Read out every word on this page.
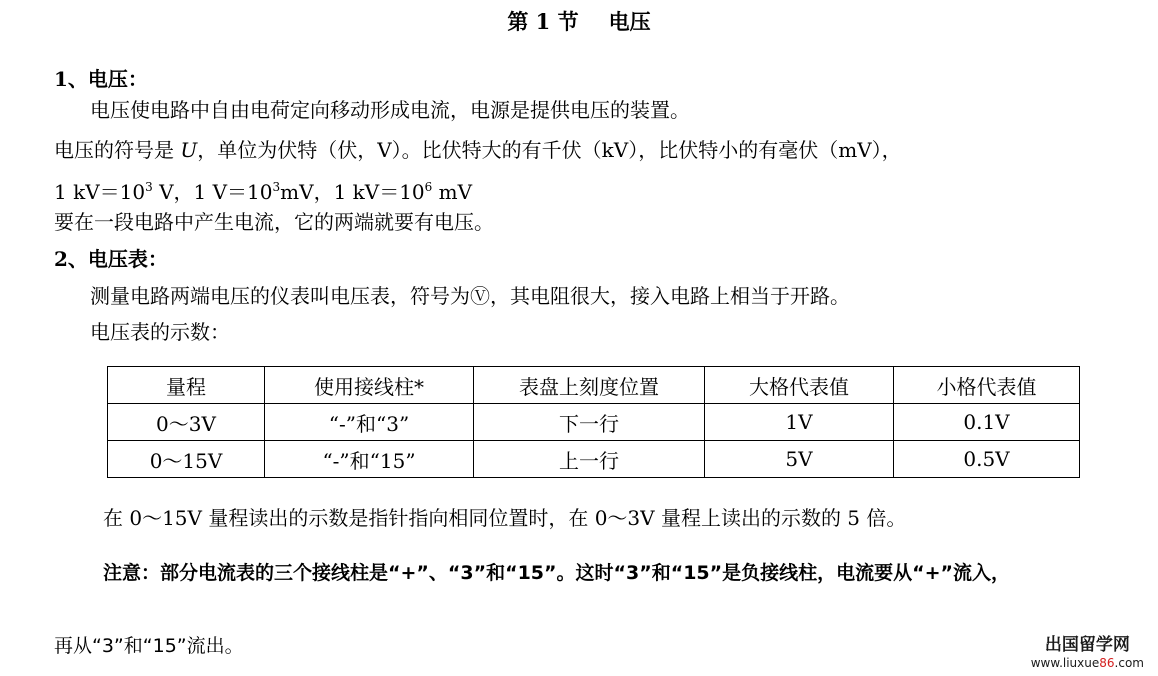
第 1 节 电压
1、电压：
电压使电路中自由电荷定向移动形成电流，电源是提供电压的装置。
电压的符号是 U，单位为伏特（伏，V）。比伏特大的有千伏（kV），比伏特小的有毫伏（mV），
1 $kV=10^3$ V，1 $V=10^3mV$，1 $kV=10^6$ mV
要在一段电路中产生电流，它的两端就要有电压。
2、电压表：
测量电路两端电压的仪表叫电压表，符号为Ⓥ，其电阻很大，接入电路上相当于开路。
电压表的示数：
量程	使用接线柱*	表盘上刻度位置	大格代表值	小格代表值
0～3V	“-”和“3”	下一行	1V	0.1V
0～15V	“-”和“15”	上一行	5V	0.5V
在 0～15V 量程读出的示数是指针指向相同位置时，在 0～3V 量程上读出的示数的 5 倍。
注意：部分电流表的三个接线柱是“+”、“3”和“15”。这时“3”和“15”是负接线柱，电流要从“+”流入，
再从“3”和“15”流出。	出国留学网
www.liuxue86.com
